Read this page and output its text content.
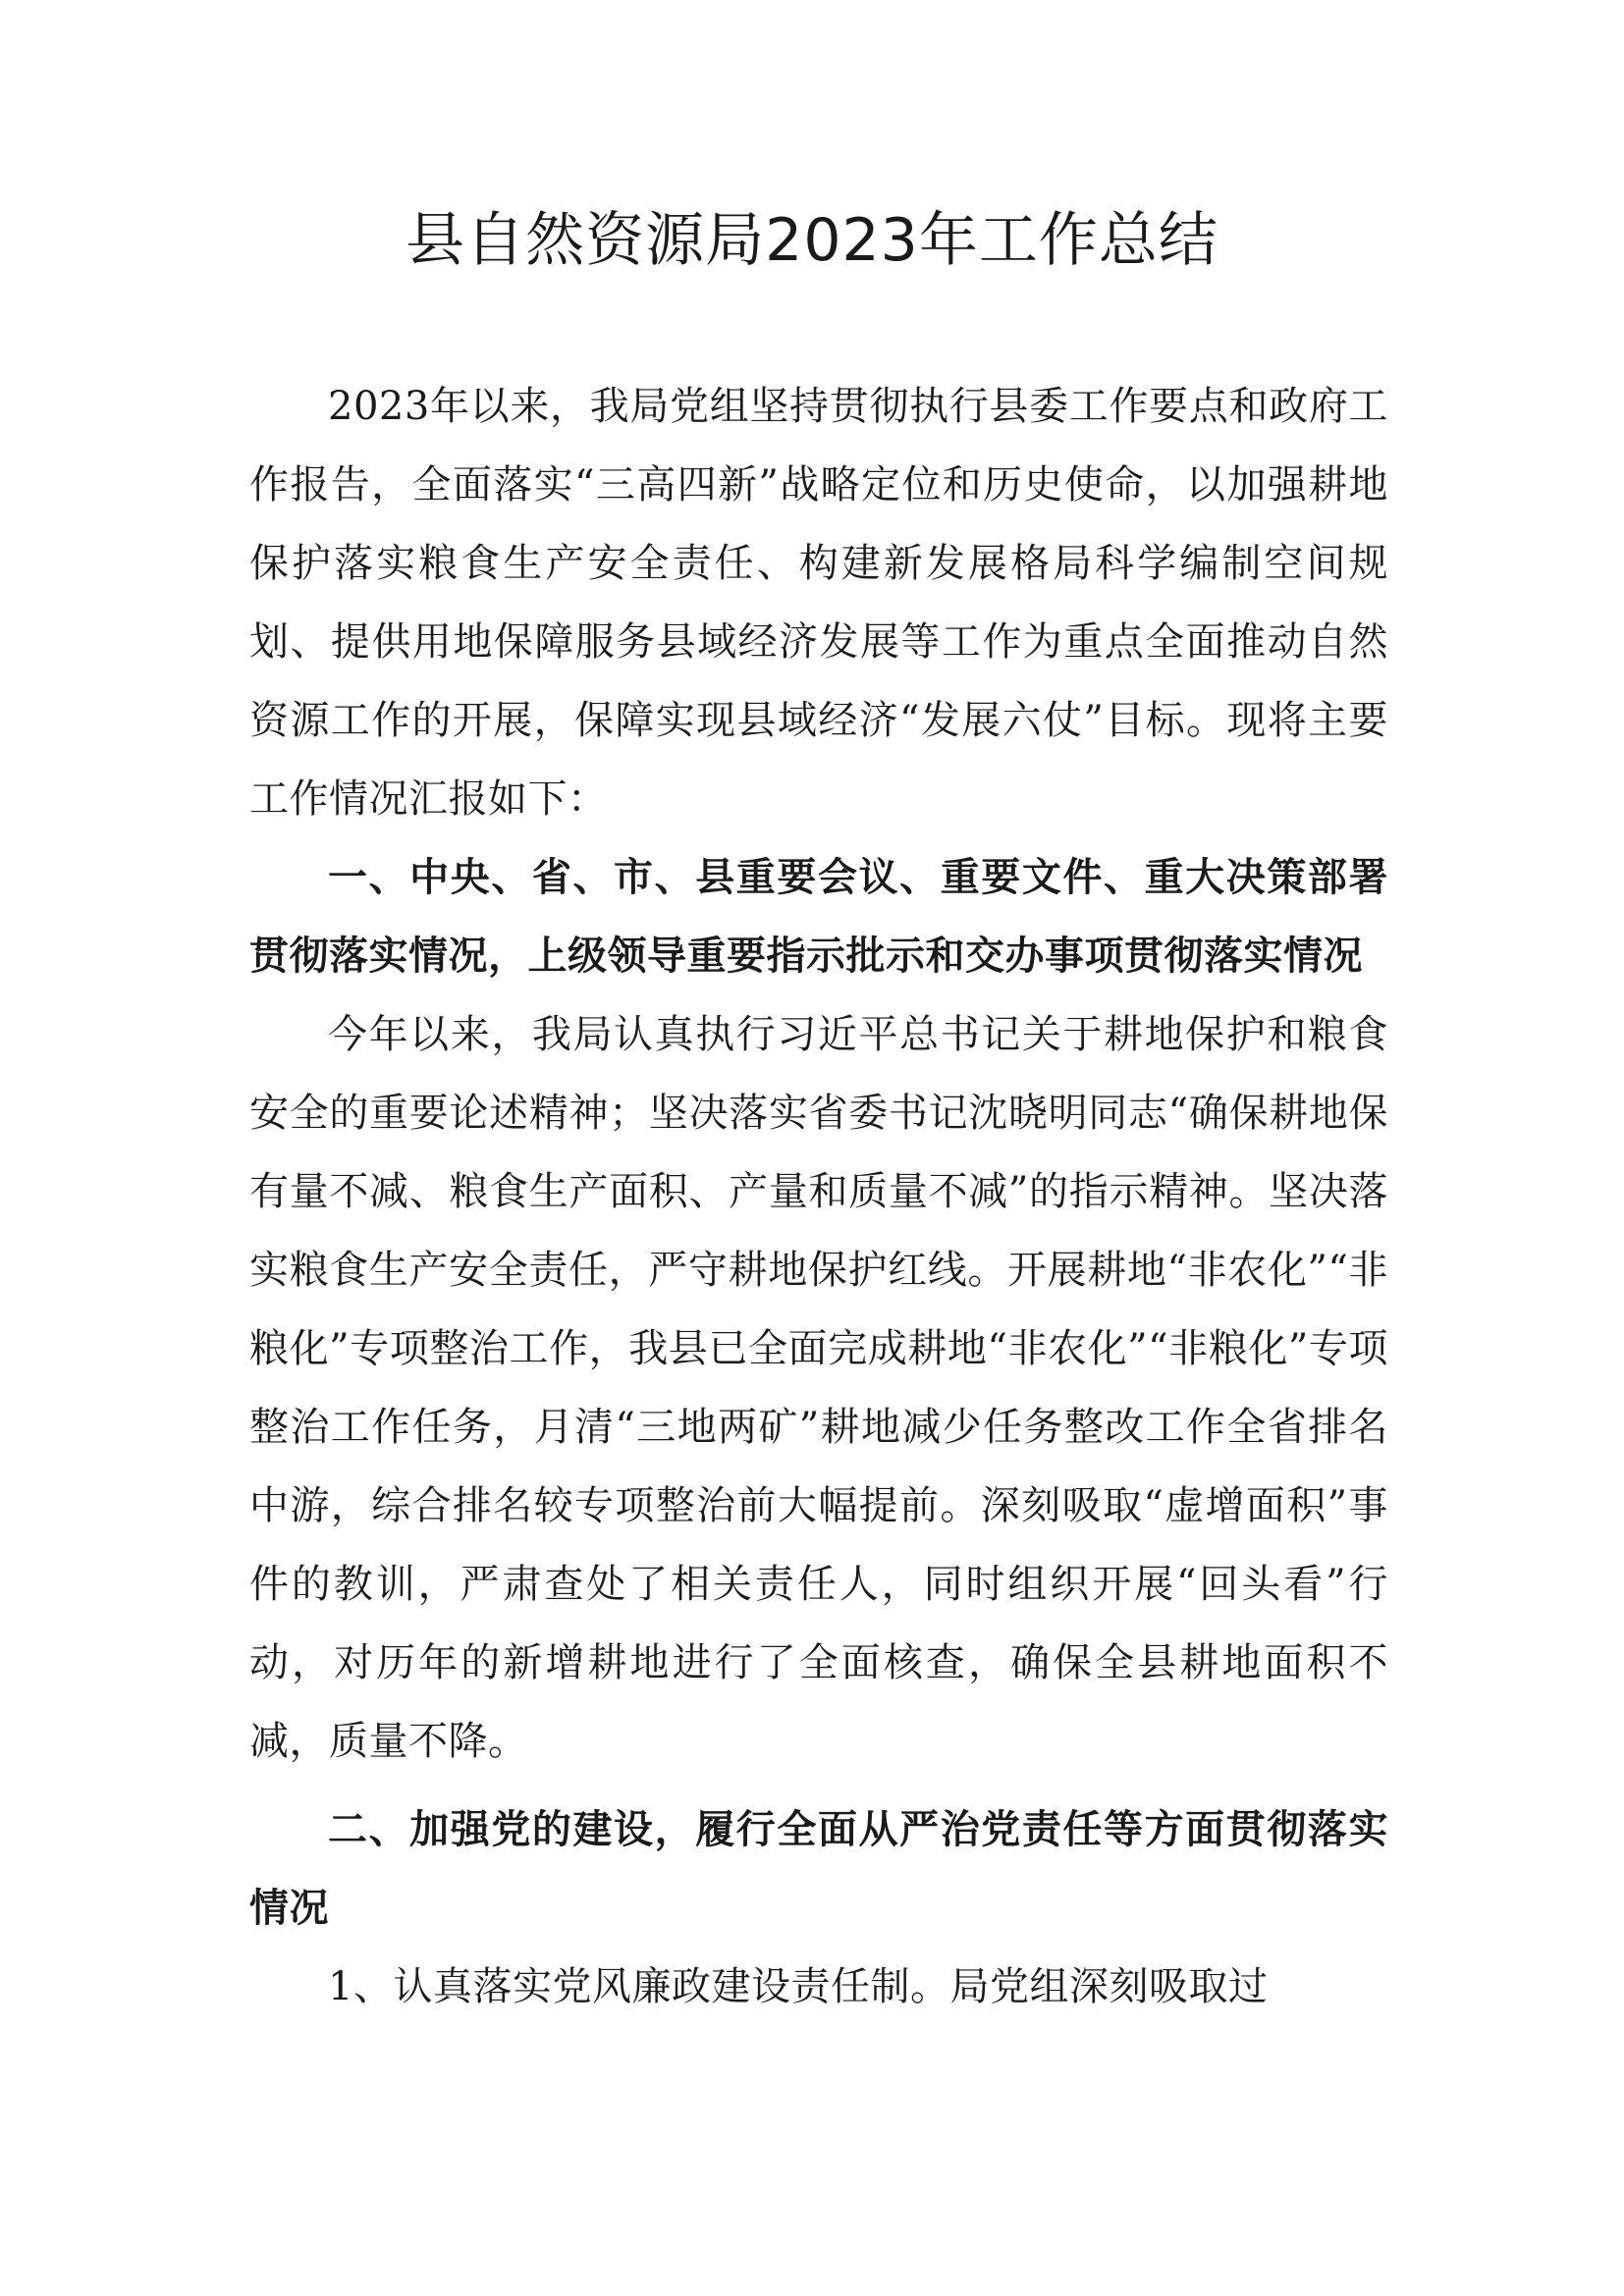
县自然资源局2023年工作总结

2023年以来，我局党组坚持贯彻执行县委工作要点和政府工作报告，全面落实“三高四新”战略定位和历史使命，以加强耕地保护落实粮食生产安全责任、构建新发展格局科学编制空间规划、提供用地保障服务县域经济发展等工作为重点全面推动自然资源工作的开展，保障实现县域经济“发展六仗”目标。现将主要工作情况汇报如下：

一、中央、省、市、县重要会议、重要文件、重大决策部署贯彻落实情况，上级领导重要指示批示和交办事项贯彻落实情况

今年以来，我局认真执行习近平总书记关于耕地保护和粮食安全的重要论述精神；坚决落实省委书记沈晓明同志“确保耕地保有量不减、粮食生产面积、产量和质量不减”的指示精神。坚决落实粮食生产安全责任，严守耕地保护红线。开展耕地“非农化”“非粮化”专项整治工作，我县已全面完成耕地“非农化”“非粮化”专项整治工作任务，月清“三地两矿”耕地减少任务整改工作全省排名中游，综合排名较专项整治前大幅提前。深刻吸取“虚增面积”事件的教训，严肃查处了相关责任人，同时组织开展“回头看”行动，对历年的新增耕地进行了全面核查，确保全县耕地面积不减，质量不降。

二、加强党的建设，履行全面从严治党责任等方面贯彻落实情况

1、认真落实党风廉政建设责任制。局党组深刻吸取过
